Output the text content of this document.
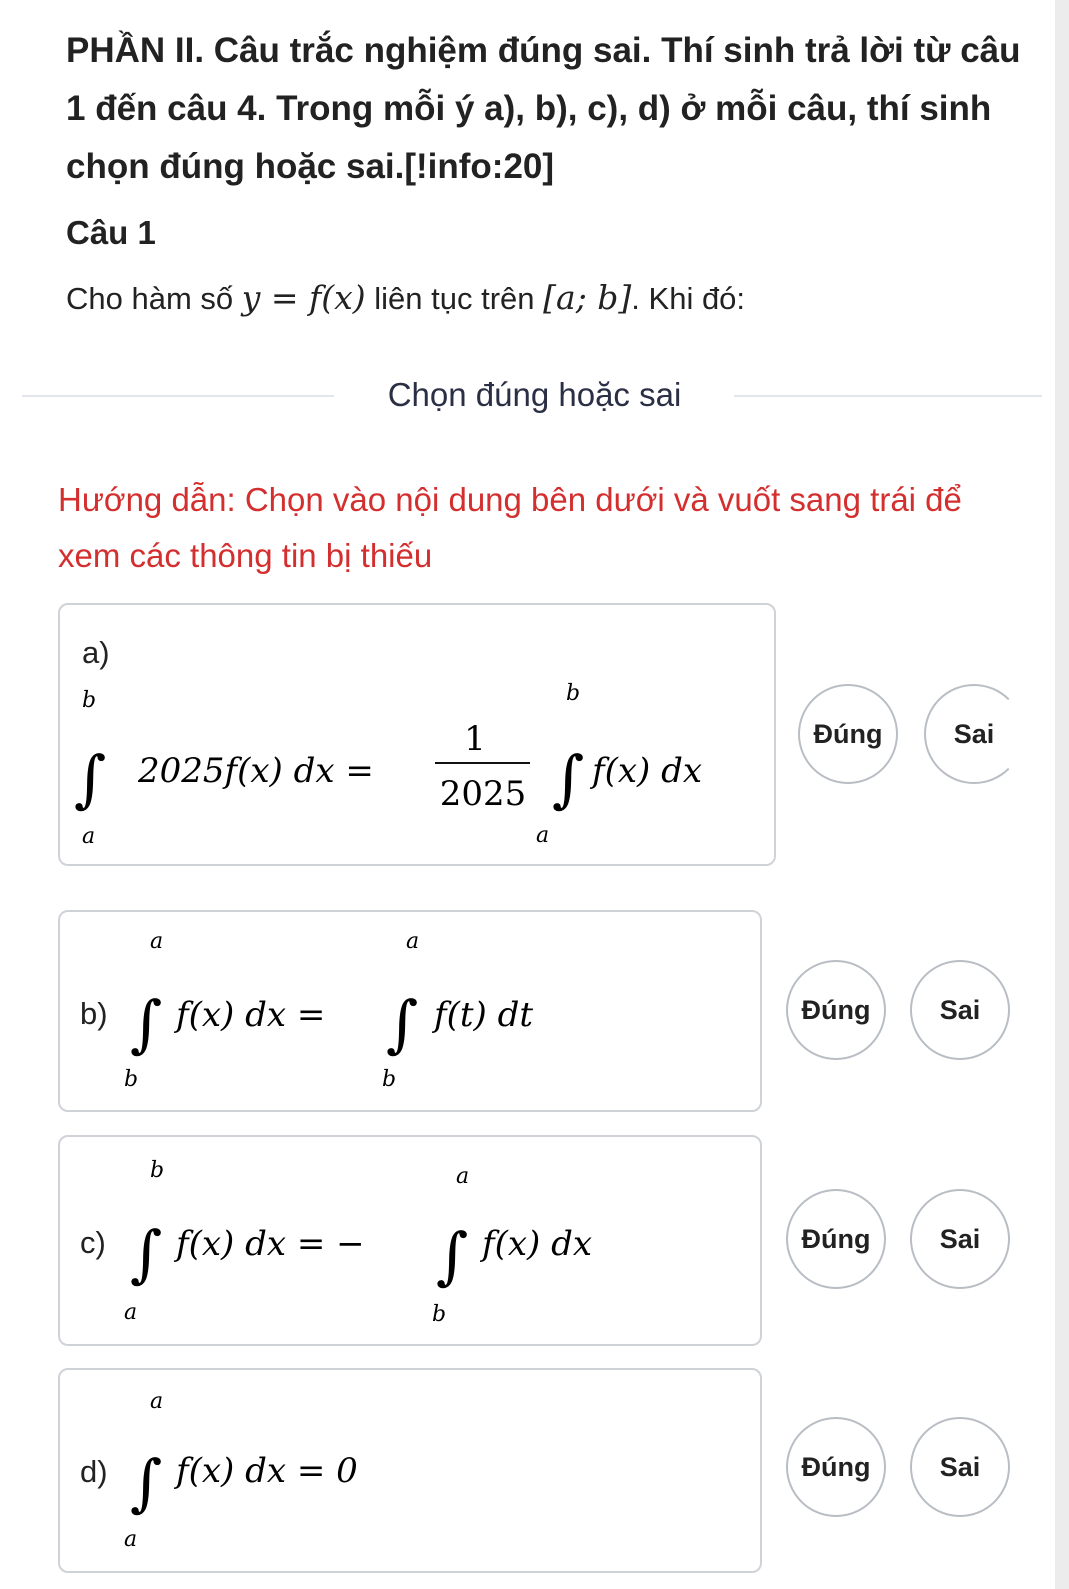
PHẦN II. Câu trắc nghiệm đúng sai. Thí sinh trả lời từ câu 1 đến câu 4. Trong mỗi ý a), b), c), d) ở mỗi câu, thí sinh chọn đúng hoặc sai.[!info:20]
Câu 1
Cho hàm số y = f(x) liên tục trên [a; b]. Khi đó:
Chọn đúng hoặc sai
Hướng dẫn: Chọn vào nội dung bên dưới và vuốt sang trái để xem các thông tin bị thiếu
a)
b
∫
a
2025f(x) dx =
1
2025
b
∫
a
f(x) dx
Đúng	Sai
b)
a
∫
b
f(x) dx =
a
∫
b
f(t) dt	Đúng	Sai
c)
b
∫
a
f(x) dx = −
a
∫
b
f(x) dx	Đúng	Sai
d)
a
∫
a
f(x) dx = 0	Đúng	Sai
